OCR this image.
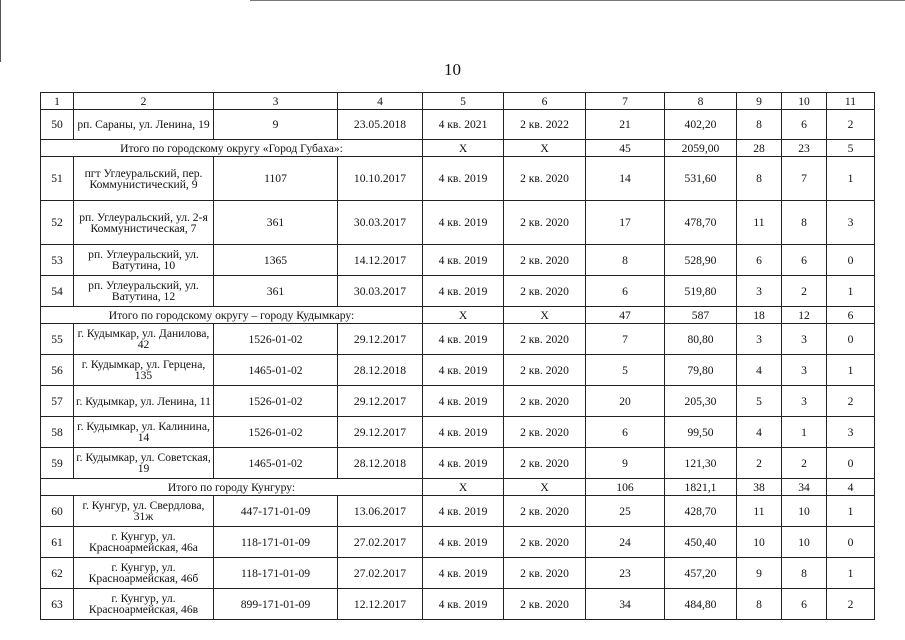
10
1	2	3	4	5	6	7	8	9	10	11
50	рп. Сараны, ул. Ленина, 19	9	23.05.2018	4 кв. 2021	2 кв. 2022	21	402,20	8	6	2
Итого по городскому округу «Город Губаха»:				Х	Х	45	2059,00	28	23	5
51	пгт Углеуральский, пер. Коммунистический, 9	1107	10.10.2017	4 кв. 2019	2 кв. 2020	14	531,60	8	7	1
52	рп. Углеуральский, ул. 2-я Коммунистическая, 7	361	30.03.2017	4 кв. 2019	2 кв. 2020	17	478,70	11	8	3
53	рп. Углеуральский, ул. Ватутина, 10	1365	14.12.2017	4 кв. 2019	2 кв. 2020	8	528,90	6	6	0
54	рп. Углеуральский, ул. Ватутина, 12	361	30.03.2017	4 кв. 2019	2 кв. 2020	6	519,80	3	2	1
Итого по городскому округу – городу Кудымкару:				Х	Х	47	587	18	12	6
55	г. Кудымкар, ул. Данилова, 42	1526-01-02	29.12.2017	4 кв. 2019	2 кв. 2020	7	80,80	3	3	0
56	г. Кудымкар, ул. Герцена, 135	1465-01-02	28.12.2018	4 кв. 2019	2 кв. 2020	5	79,80	4	3	1
57	г. Кудымкар, ул. Ленина, 11	1526-01-02	29.12.2017	4 кв. 2019	2 кв. 2020	20	205,30	5	3	2
58	г. Кудымкар, ул. Калинина, 14	1526-01-02	29.12.2017	4 кв. 2019	2 кв. 2020	6	99,50	4	1	3
59	г. Кудымкар, ул. Советская, 19	1465-01-02	28.12.2018	4 кв. 2019	2 кв. 2020	9	121,30	2	2	0
Итого по городу Кунгуру:				Х	Х	106	1821,1	38	34	4
60	г. Кунгур, ул. Свердлова, 31ж	447-171-01-09	13.06.2017	4 кв. 2019	2 кв. 2020	25	428,70	11	10	1
61	г. Кунгур, ул. Красноармейская, 46а	118-171-01-09	27.02.2017	4 кв. 2019	2 кв. 2020	24	450,40	10	10	0
62	г. Кунгур, ул. Красноармейская, 46б	118-171-01-09	27.02.2017	4 кв. 2019	2 кв. 2020	23	457,20	9	8	1
63	г. Кунгур, ул. Красноармейская, 46в	899-171-01-09	12.12.2017	4 кв. 2019	2 кв. 2020	34	484,80	8	6	2
